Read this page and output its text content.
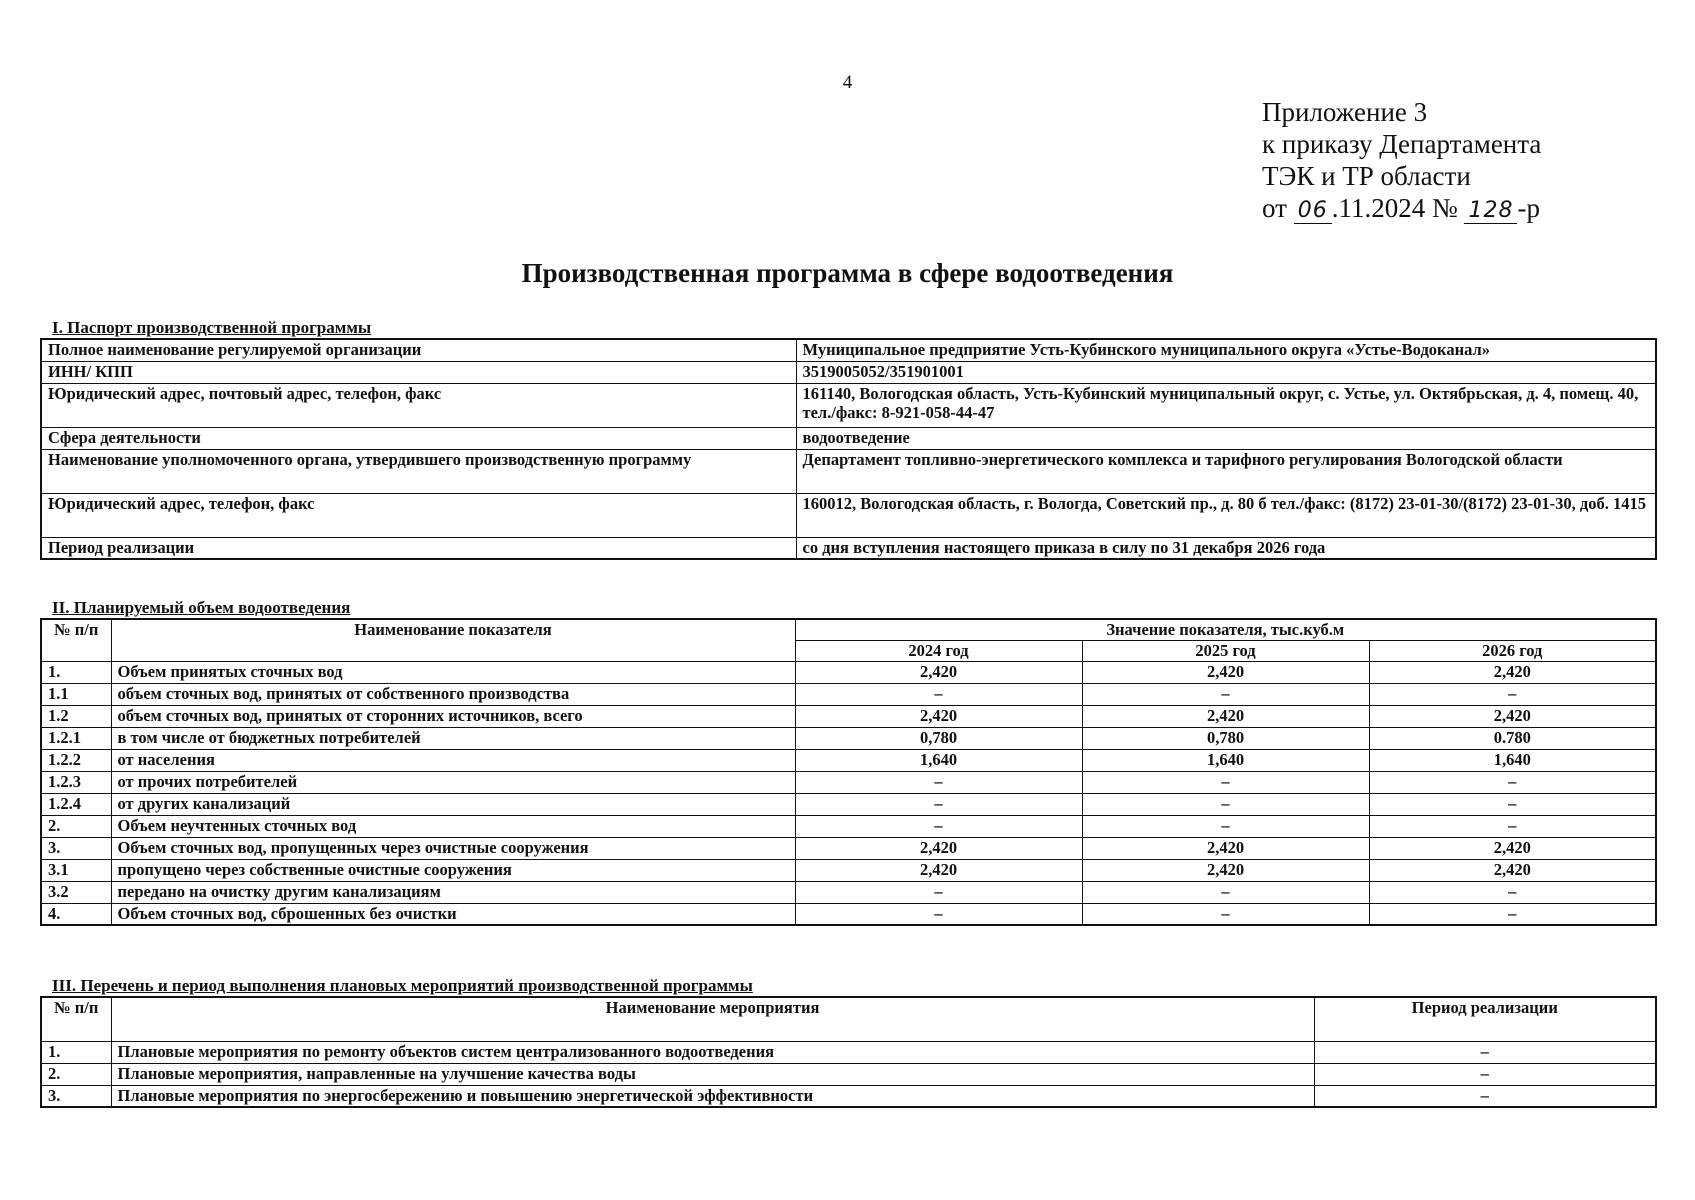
4
Приложение 3
к приказу Департамента
ТЭК и ТР области
от 06 .11.2024 № 128 -р
Производственная программа в сфере водоотведения
I. Паспорт производственной программы
Полное наименование регулируемой организации	Муниципальное предприятие Усть-Кубинского муниципального округа «Устье-Водоканал»
ИНН/ КПП	3519005052/351901001
Юридический адрес, почтовый адрес, телефон, факс	161140, Вологодская область, Усть-Кубинский муниципальный округ, с. Устье, ул. Октябрьская, д. 4, помещ. 40, тел./факс: 8-921-058-44-47
Сфера деятельности	водоотведение
Наименование уполномоченного органа, утвердившего производственную программу	Департамент топливно-энергетического комплекса и тарифного регулирования Вологодской области
Юридический адрес, телефон, факс	160012, Вологодская область, г. Вологда, Советский пр., д. 80 б тел./факс: (8172) 23-01-30/(8172) 23-01-30, доб. 1415
Период реализации	со дня вступления настоящего приказа в силу по 31 декабря 2026 года
II. Планируемый объем водоотведения
№ п/п	Наименование показателя	Значение показателя, тыс.куб.м		
		2024 год	2025 год	2026 год
1.	Объем принятых сточных вод	2,420	2,420	2,420
1.1	объем сточных вод, принятых от собственного производства	–	–	–
1.2	объем сточных вод, принятых от сторонних источников, всего	2,420	2,420	2,420
1.2.1	в том числе от бюджетных потребителей	0,780	0,780	0.780
1.2.2	от населения	1,640	1,640	1,640
1.2.3	от прочих потребителей	–	–	–
1.2.4	от других канализаций	–	–	–
2.	Объем неучтенных сточных вод	–	–	–
3.	Объем сточных вод, пропущенных через очистные сооружения	2,420	2,420	2,420
3.1	пропущено через собственные очистные сооружения	2,420	2,420	2,420
3.2	передано на очистку другим канализациям	–	–	–
4.	Объем сточных вод, сброшенных без очистки	–	–	–
III. Перечень и период выполнения плановых мероприятий производственной программы
№ п/п	Наименование мероприятия	Период реализации
1.	Плановые мероприятия по ремонту объектов систем централизованного водоотведения	–
2.	Плановые мероприятия, направленные на улучшение качества воды	–
3.	Плановые мероприятия по энергосбережению и повышению энергетической эффективности	–
